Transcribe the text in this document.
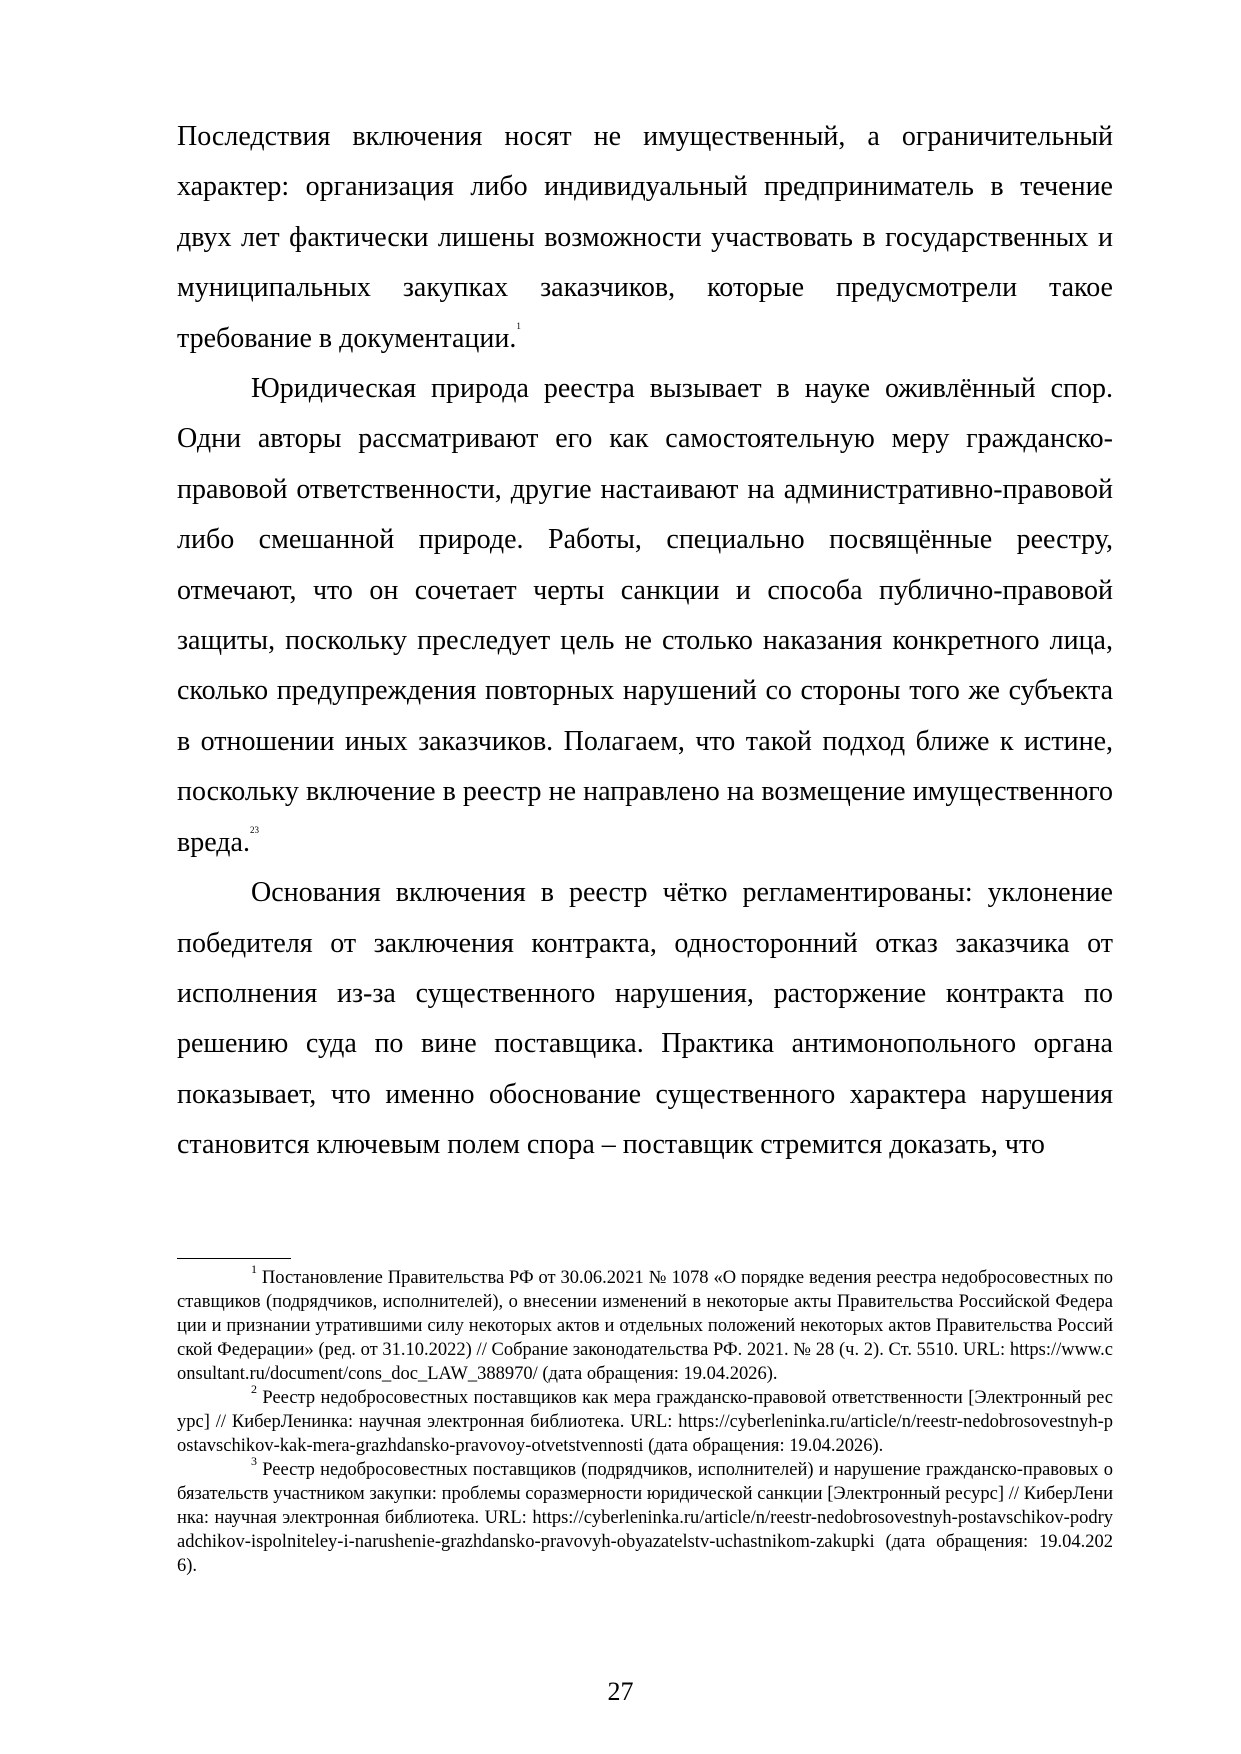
Последствия включения носят не имущественный, а ограничительный характер: организация либо индивидуальный предприниматель в течение двух лет фактически лишены возможности участвовать в государственных и муниципальных закупках заказчиков, которые предусмотрели такое требование в документации.$^1$

Юридическая природа реестра вызывает в науке оживлённый спор. Одни авторы рассматривают его как самостоятельную меру гражданско-правовой ответственности, другие настаивают на административно-правовой либо смешанной природе. Работы, специально посвящённые реестру, отмечают, что он сочетает черты санкции и способа публично-правовой защиты, поскольку преследует цель не столько наказания конкретного лица, сколько предупреждения повторных нарушений со стороны того же субъекта в отношении иных заказчиков. Полагаем, что такой подход ближе к истине, поскольку включение в реестр не направлено на возмещение имущественного вреда.$^{23}$

Основания включения в реестр чётко регламентированы: уклонение победителя от заключения контракта, односторонний отказ заказчика от исполнения из-за существенного нарушения, расторжение контракта по решению суда по вине поставщика. Практика антимонопольного органа показывает, что именно обоснование существенного характера нарушения становится ключевым полем спора – поставщик стремится доказать, что

$^1$ Постановление Правительства РФ от 30.06.2021 № 1078 «О порядке ведения реестра недобросовестных поставщиков (подрядчиков, исполнителей), о внесении изменений в некоторые акты Правительства Российской Федерации и признании утратившими силу некоторых актов и отдельных положений некоторых актов Правительства Российской Федерации» (ред. от 31.10.2022) // Собрание законодательства РФ. 2021. № 28 (ч. 2). Ст. 5510. URL: https://www.consultant.ru/document/cons_doc_LAW_388970/ (дата обращения: 19.04.2026).

$^2$ Реестр недобросовестных поставщиков как мера гражданско-правовой ответственности [Электронный ресурс] // КиберЛенинка: научная электронная библиотека. URL: https://cyberleninka.ru/article/n/reestr-nedobrosovestnyh-postavschikov-kak-mera-grazhdansko-pravovoy-otvetstvennosti (дата обращения: 19.04.2026).

$^3$ Реестр недобросовестных поставщиков (подрядчиков, исполнителей) и нарушение гражданско-правовых обязательств участником закупки: проблемы соразмерности юридической санкции [Электронный ресурс] // КиберЛенинка: научная электронная библиотека. URL: https://cyberleninka.ru/article/n/reestr-nedobrosovestnyh-postavschikov-podryadchikov-ispolniteley-i-narushenie-grazhdansko-pravovyh-obyazatelstv-uchastnikom-zakupki (дата обращения: 19.04.2026).

27
